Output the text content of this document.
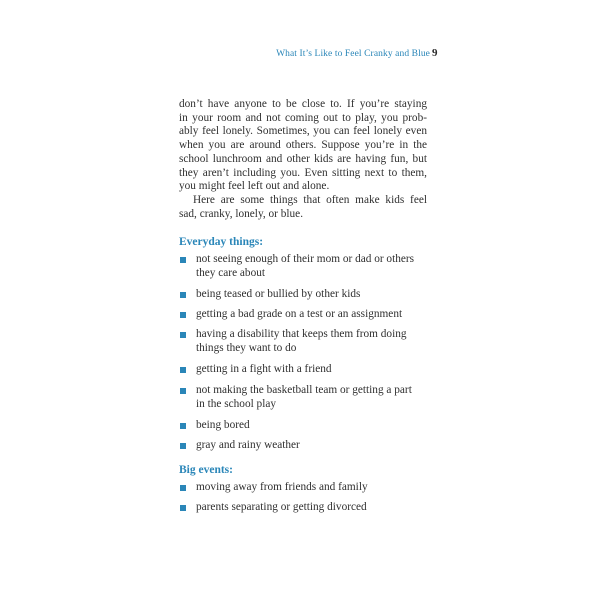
What It’s Like to Feel Cranky and Blue 9
don’t have anyone to be close to. If you’re staying
in your room and not coming out to play, you prob-
ably feel lonely. Sometimes, you can feel lonely even
when you are around others. Suppose you’re in the
school lunchroom and other kids are having fun, but
they aren’t including you. Even sitting next to them,
you might feel left out and alone.
Here are some things that often make kids feel
sad, cranky, lonely, or blue.
Everyday things:
not seeing enough of their mom or dad or others
they care about
being teased or bullied by other kids
getting a bad grade on a test or an assignment
having a disability that keeps them from doing
things they want to do
getting in a fight with a friend
not making the basketball team or getting a part
in the school play
being bored
gray and rainy weather
Big events:
moving away from friends and family
parents separating or getting divorced
